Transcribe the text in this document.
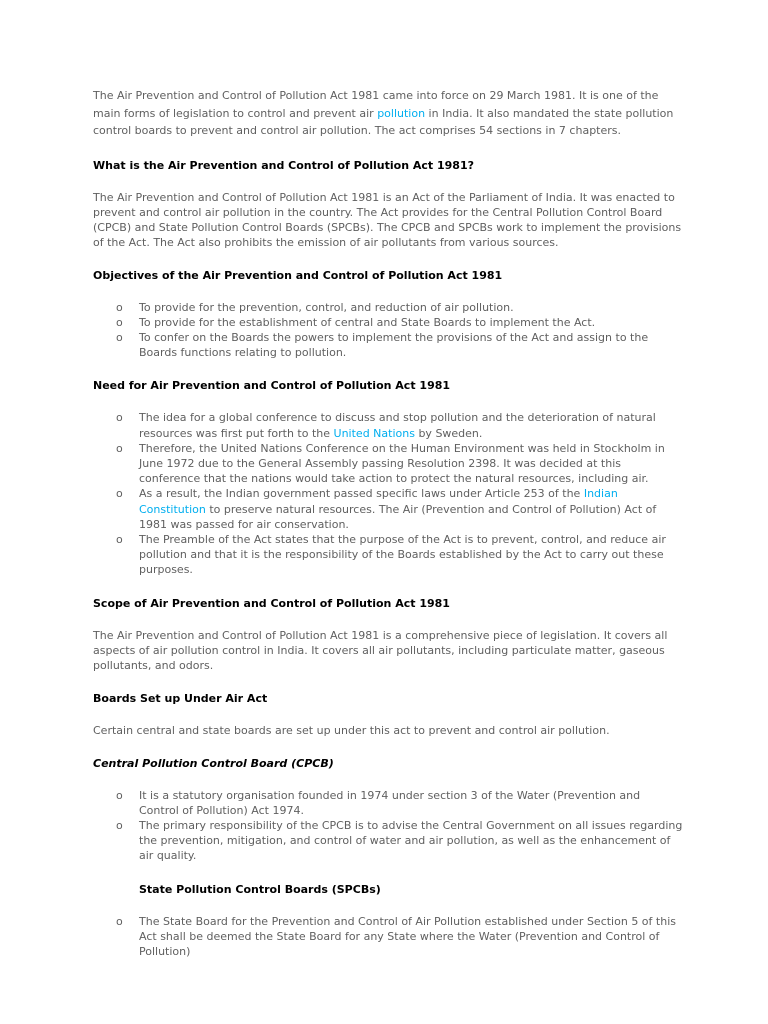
The Air Prevention and Control of Pollution Act 1981 came into force on 29 March 1981. It is one of the main forms of legislation to control and prevent air pollution in India. It also mandated the state pollution control boards to prevent and control air pollution. The act comprises 54 sections in 7 chapters.

What is the Air Prevention and Control of Pollution Act 1981?

The Air Prevention and Control of Pollution Act 1981 is an Act of the Parliament of India. It was enacted to prevent and control air pollution in the country. The Act provides for the Central Pollution Control Board (CPCB) and State Pollution Control Boards (SPCBs). The CPCB and SPCBs work to implement the provisions of the Act. The Act also prohibits the emission of air pollutants from various sources.

Objectives of the Air Prevention and Control of Pollution Act 1981
o To provide for the prevention, control, and reduction of air pollution.
o To provide for the establishment of central and State Boards to implement the Act.
o To confer on the Boards the powers to implement the provisions of the Act and assign to the Boards functions relating to pollution.
Need for Air Prevention and Control of Pollution Act 1981
o The idea for a global conference to discuss and stop pollution and the deterioration of natural resources was first put forth to the United Nations by Sweden.
o Therefore, the United Nations Conference on the Human Environment was held in Stockholm in June 1972 due to the General Assembly passing Resolution 2398. It was decided at this conference that the nations would take action to protect the natural resources, including air.
o As a result, the Indian government passed specific laws under Article 253 of the Indian Constitution to preserve natural resources. The Air (Prevention and Control of Pollution) Act of 1981 was passed for air conservation.
o The Preamble of the Act states that the purpose of the Act is to prevent, control, and reduce air pollution and that it is the responsibility of the Boards established by the Act to carry out these purposes.
Scope of Air Prevention and Control of Pollution Act 1981

The Air Prevention and Control of Pollution Act 1981 is a comprehensive piece of legislation. It covers all aspects of air pollution control in India. It covers all air pollutants, including particulate matter, gaseous pollutants, and odors.

Boards Set up Under Air Act

Certain central and state boards are set up under this act to prevent and control air pollution.

Central Pollution Control Board (CPCB)
o It is a statutory organisation founded in 1974 under section 3 of the Water (Prevention and Control of Pollution) Act 1974.
o The primary responsibility of the CPCB is to advise the Central Government on all issues regarding the prevention, mitigation, and control of water and air pollution, as well as the enhancement of air quality.
State Pollution Control Boards (SPCBs)
o The State Board for the Prevention and Control of Air Pollution established under Section 5 of this Act shall be deemed the State Board for any State where the Water (Prevention and Control of Pollution)
